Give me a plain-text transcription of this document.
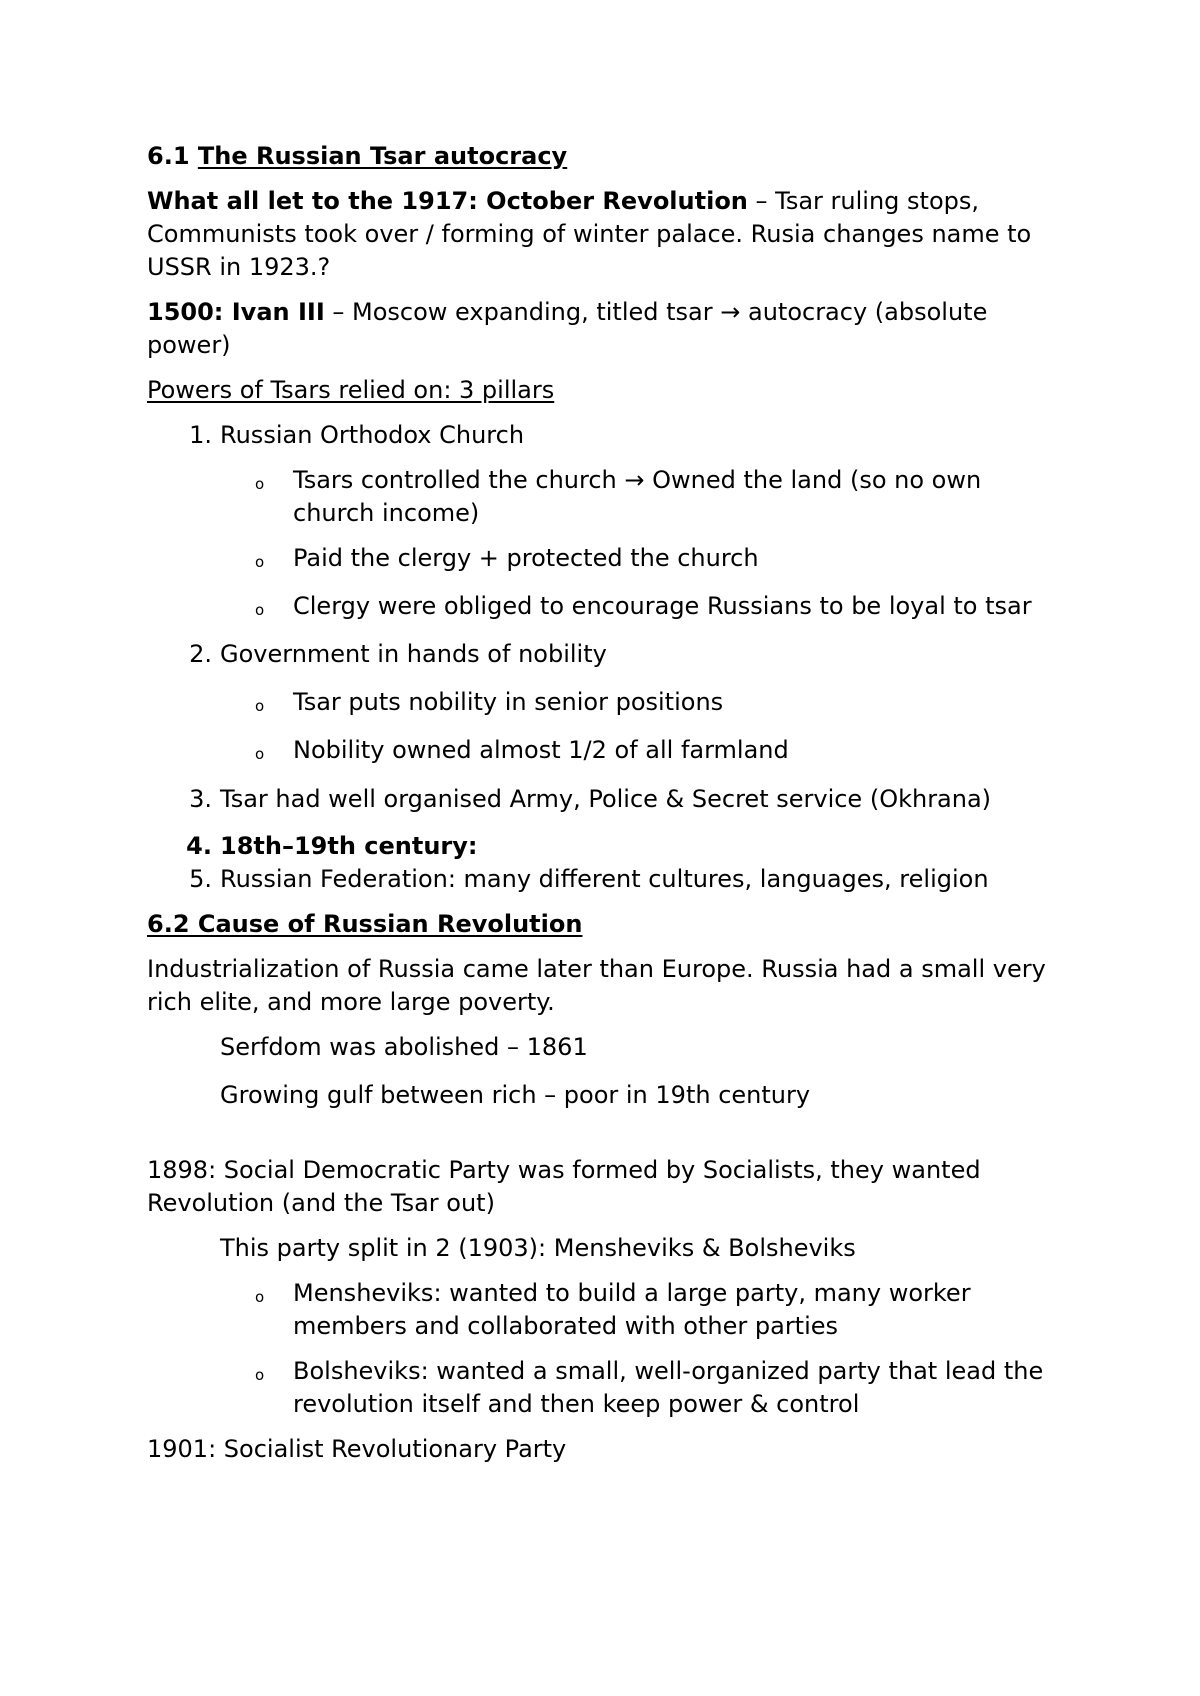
6.1 The Russian Tsar autocracy
What all let to the 1917: October Revolution – Tsar ruling stops,
Communists took over / forming of winter palace. Rusia changes name to
USSR in 1923.?
1500: Ivan III – Moscow expanding, titled tsar → autocracy (absolute
power)
Powers of Tsars relied on: 3 pillars
1. Russian Orthodox Church
o Tsars controlled the church → Owned the land (so no own
church income)
o Paid the clergy + protected the church
o Clergy were obliged to encourage Russians to be loyal to tsar
2. Government in hands of nobility
o Tsar puts nobility in senior positions
o Nobility owned almost 1/2 of all farmland
3. Tsar had well organised Army, Police & Secret service (Okhrana)
4. 18th–19th century:
5. Russian Federation: many different cultures, languages, religion
6.2 Cause of Russian Revolution
Industrialization of Russia came later than Europe. Russia had a small very
rich elite, and more large poverty.
Serfdom was abolished – 1861
Growing gulf between rich – poor in 19th century
1898: Social Democratic Party was formed by Socialists, they wanted
Revolution (and the Tsar out)
This party split in 2 (1903): Mensheviks & Bolsheviks
o Mensheviks: wanted to build a large party, many worker
members and collaborated with other parties
o Bolsheviks: wanted a small, well-organized party that lead the
revolution itself and then keep power & control
1901: Socialist Revolutionary Party
